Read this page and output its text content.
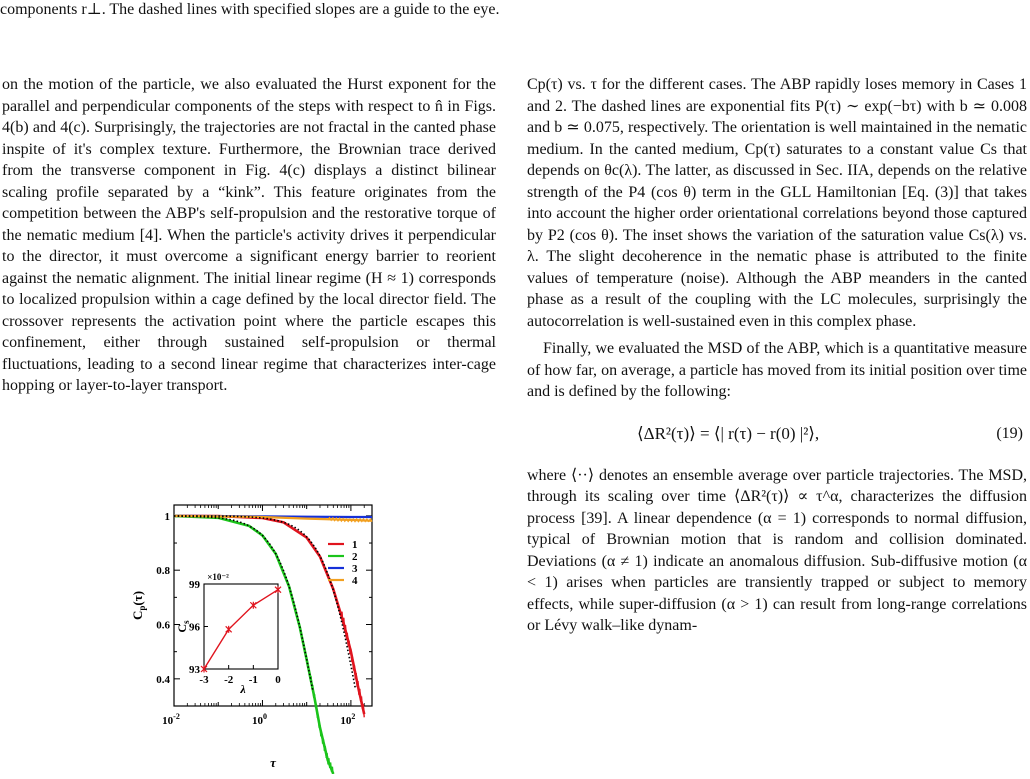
components r⊥. The dashed lines with specified slopes are a guide to the eye.

on the motion of the particle, we also evaluated the Hurst exponent for the parallel and perpendicular components of the steps with respect to n̂ in Figs. 4(b) and 4(c). Surprisingly, the trajectories are not fractal in the canted phase inspite of it's complex texture. Furthermore, the Brownian trace derived from the transverse component in Fig. 4(c) displays a distinct bilinear scaling profile separated by a “kink”. This feature originates from the competition between the ABP's self-propulsion and the restorative torque of the nematic medium [4]. When the particle's activity drives it perpendicular to the director, it must overcome a significant energy barrier to reorient against the nematic alignment. The initial linear regime (H ≈ 1) corresponds to localized propulsion within a cage defined by the local director field. The crossover represents the activation point where the particle escapes this confinement, either through sustained self-propulsion or thermal fluctuations, leading to a second linear regime that characterizes inter-cage hopping or layer-to-layer transport.

Cp(τ) vs. τ for the different cases. The ABP rapidly loses memory in Cases 1 and 2. The dashed lines are exponential fits P(τ) ∼ exp(−bτ) with b ≃ 0.008 and b ≃ 0.075, respectively. The orientation is well maintained in the nematic medium. In the canted medium, Cp(τ) saturates to a constant value Cs that depends on θc(λ). The latter, as discussed in Sec. IIA, depends on the relative strength of the P4 (cos θ) term in the GLL Hamiltonian [Eq. (3)] that takes into account the higher order orientational correlations beyond those captured by P2 (cos θ). The inset shows the variation of the saturation value Cs(λ) vs. λ. The slight decoherence in the nematic phase is attributed to the finite values of temperature (noise). Although the ABP meanders in the canted phase as a result of the coupling with the LC molecules, surprisingly the autocorrelation is well-sustained even in this complex phase.

Finally, we evaluated the MSD of the ABP, which is a quantitative measure of how far, on average, a particle has moved from its initial position over time and is defined by the following:

⟨ΔR²(τ)⟩ = ⟨| r(τ) − r(0) |²⟩,	(19)

where ⟨··⟩ denotes an ensemble average over particle trajectories. The MSD, through its scaling over time ⟨ΔR²(τ)⟩ ∝ τ^α, characterizes the diffusion process [39]. A linear dependence (α = 1) corresponds to normal diffusion, typical of Brownian motion that is random and collision dominated. Deviations (α ≠ 1) indicate an anomalous diffusion. Sub-diffusive motion (α < 1) arises when particles are transiently trapped or subject to memory effects, while super-diffusion (α > 1) can result from long-range correlations or Lévy walk–like dynam-

0.4
0.6
0.8
1
$10^{-2}$	$10^0$	$10^2$
τ
$C_p(\tau)$
1
2
3
4
93
96
99
-3 -2 -1 0
×10⁻²
$C_s$
λ
